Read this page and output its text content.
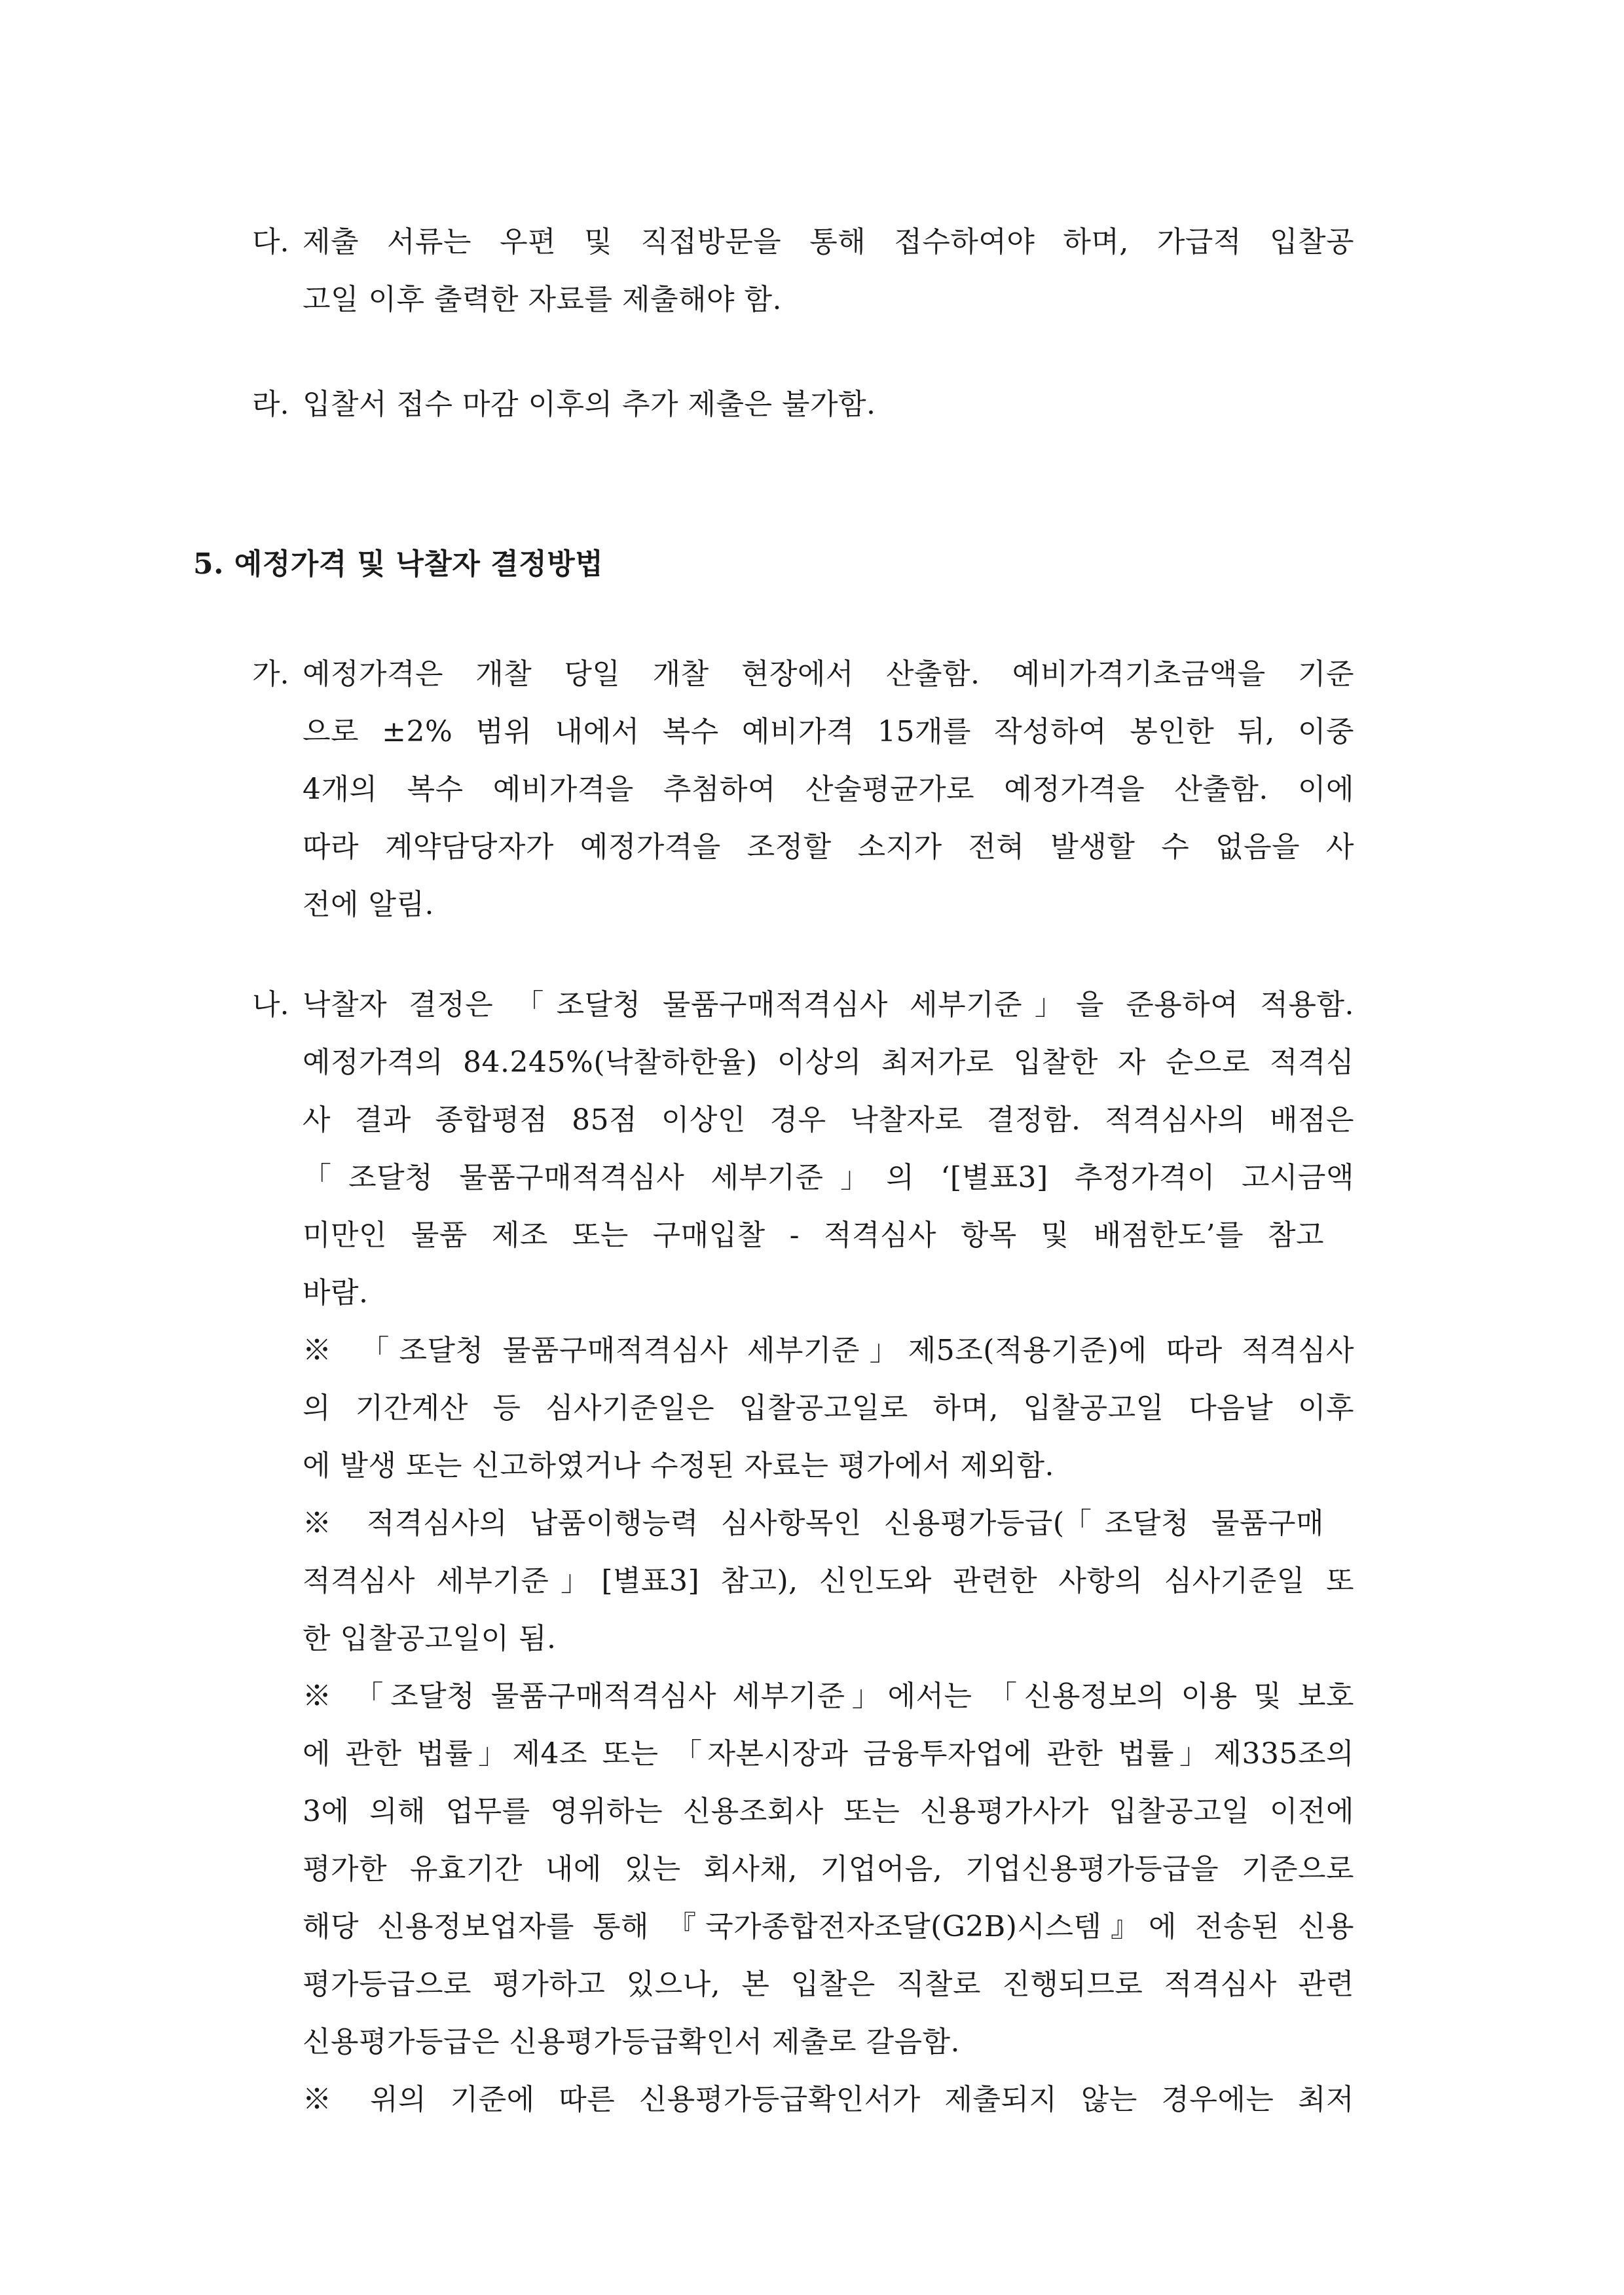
다. 제출 서류는 우편 및 직접방문을 통해 접수하여야 하며, 가급적 입찰공
고일 이후 출력한 자료를 제출해야 함.
라. 입찰서 접수 마감 이후의 추가 제출은 불가함.
5. 예정가격 및 낙찰자 결정방법
가. 예정가격은 개찰 당일 개찰 현장에서 산출함. 예비가격기초금액을 기준
으로 ±2% 범위 내에서 복수 예비가격 15개를 작성하여 봉인한 뒤, 이중
4개의 복수 예비가격을 추첨하여 산술평균가로 예정가격을 산출함. 이에
따라 계약담당자가 예정가격을 조정할 소지가 전혀 발생할 수 없음을 사
전에 알림.
나. 낙찰자 결정은 「조달청 물품구매적격심사 세부기준」을 준용하여 적용함.
예정가격의 84.245%(낙찰하한율) 이상의 최저가로 입찰한 자 순으로 적격심
사 결과 종합평점 85점 이상인 경우 낙찰자로 결정함. 적격심사의 배점은
「조달청 물품구매적격심사 세부기준」의 ‘[별표3] 추정가격이 고시금액
미만인 물품 제조 또는 구매입찰 - 적격심사 항목 및 배점한도’를 참고
바람.
※ 「조달청 물품구매적격심사 세부기준」제5조(적용기준)에 따라 적격심사
의 기간계산 등 심사기준일은 입찰공고일로 하며, 입찰공고일 다음날 이후
에 발생 또는 신고하였거나 수정된 자료는 평가에서 제외함.
※ 적격심사의 납품이행능력 심사항목인 신용평가등급(「조달청 물품구매
적격심사 세부기준」[별표3] 참고), 신인도와 관련한 사항의 심사기준일 또
한 입찰공고일이 됨.
※ 「조달청 물품구매적격심사 세부기준」에서는 「신용정보의 이용 및 보호
에 관한 법률」제4조 또는 「자본시장과 금융투자업에 관한 법률」제335조의
3에 의해 업무를 영위하는 신용조회사 또는 신용평가사가 입찰공고일 이전에
평가한 유효기간 내에 있는 회사채, 기업어음, 기업신용평가등급을 기준으로
해당 신용정보업자를 통해 『국가종합전자조달(G2B)시스템』에 전송된 신용
평가등급으로 평가하고 있으나, 본 입찰은 직찰로 진행되므로 적격심사 관련
신용평가등급은 신용평가등급확인서 제출로 갈음함.
※ 위의 기준에 따른 신용평가등급확인서가 제출되지 않는 경우에는 최저
